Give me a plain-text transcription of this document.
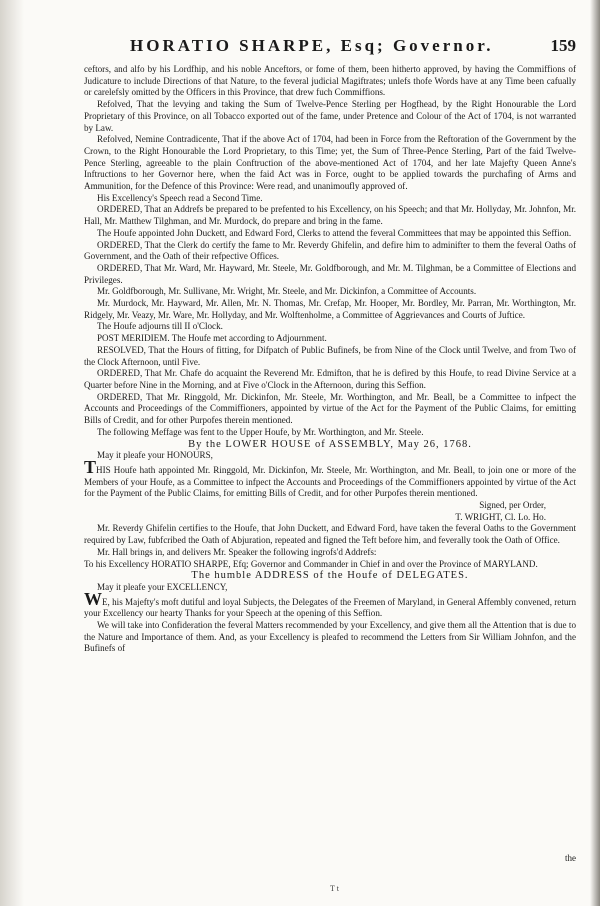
HORATIO SHARPE, Esq; Governor.	159

ceftors, and alfo by his Lordfhip, and his noble Anceftors, or fome of them, been hitherto approved, by having the Commiffions of Judicature to include Directions of that Nature, to the feveral judicial Magiftrates; unlefs thofe Words have at any Time been cafually or carelefsly omitted by the Officers in this Province, that drew fuch Commiffions.

Refolved, That the levying and taking the Sum of Twelve-Pence Sterling per Hogfhead, by the Right Honourable the Lord Proprietary of this Province, on all Tobacco exported out of the fame, under Pretence and Colour of the Act of 1704, is not warranted by Law.

Refolved, Nemine Contradicente, That if the above Act of 1704, had been in Force from the Reftoration of the Government by the Crown, to the Right Honourable the Lord Proprietary, to this Time; yet, the Sum of Three-Pence Sterling, Part of the faid Twelve-Pence Sterling, agreeable to the plain Conftruction of the above-mentioned Act of 1704, and her late Majefty Queen Anne's Inftructions to her Governor here, when the faid Act was in Force, ought to be applied towards the purchafing of Arms and Ammunition, for the Defence of this Province: Were read, and unanimoufly approved of.

His Excellency's Speech read a Second Time.

ORDERED, That an Addrefs be prepared to be prefented to his Excellency, on his Speech; and that Mr. Hollyday, Mr. Johnfon, Mr. Hall, Mr. Matthew Tilghman, and Mr. Murdock, do prepare and bring in the fame.

The Houfe appointed John Duckett, and Edward Ford, Clerks to attend the feveral Committees that may be appointed this Seffion.

ORDERED, That the Clerk do certify the fame to Mr. Reverdy Ghifelin, and defire him to adminifter to them the feveral Oaths of Government, and the Oath of their refpective Offices.

ORDERED, That Mr. Ward, Mr. Hayward, Mr. Steele, Mr. Goldfborough, and Mr. M. Tilghman, be a Committee of Elections and Privileges.

Mr. Goldfborough, Mr. Sullivane, Mr. Wright, Mr. Steele, and Mr. Dickinfon, a Committee of Accounts.

Mr. Murdock, Mr. Hayward, Mr. Allen, Mr. N. Thomas, Mr. Crefap, Mr. Hooper, Mr. Bordley, Mr. Parran, Mr. Worthington, Mr. Ridgely, Mr. Veazy, Mr. Ware, Mr. Hollyday, and Mr. Wolftenholme, a Committee of Aggrievances and Courts of Juftice.

The Houfe adjourns till II o'Clock.

POST MERIDIEM. The Houfe met according to Adjournment.

RESOLVED, That the Hours of fitting, for Difpatch of Public Bufinefs, be from Nine of the Clock until Twelve, and from Two of the Clock Afternoon, until Five.

ORDERED, That Mr. Chafe do acquaint the Reverend Mr. Edmifton, that he is defired by this Houfe, to read Divine Service at a Quarter before Nine in the Morning, and at Five o'Clock in the Afternoon, during this Seffion.

ORDERED, That Mr. Ringgold, Mr. Dickinfon, Mr. Steele, Mr. Worthington, and Mr. Beall, be a Committee to infpect the Accounts and Proceedings of the Commiffioners, appointed by virtue of the Act for the Payment of the Public Claims, for emitting Bills of Credit, and for other Purpofes therein mentioned.

The following Meffage was fent to the Upper Houfe, by Mr. Worthington, and Mr. Steele.

By the LOWER HOUSE of ASSEMBLY, May 26, 1768.

May it pleafe your HONOURS,

THIS Houfe hath appointed Mr. Ringgold, Mr. Dickinfon, Mr. Steele, Mr. Worthington, and Mr. Beall, to join one or more of the Members of your Houfe, as a Committee to infpect the Accounts and Proceedings of the Commiffioners appointed by virtue of the Act for the Payment of the Public Claims, for emitting Bills of Credit, and for other Purpofes therein mentioned.

Signed, per Order,

T. WRIGHT, Cl. Lo. Ho.

Mr. Reverdy Ghifelin certifies to the Houfe, that John Duckett, and Edward Ford, have taken the feveral Oaths to the Government required by Law, fubfcribed the Oath of Abjuration, repeated and figned the Teft before him, and feverally took the Oath of Office.

Mr. Hall brings in, and delivers Mr. Speaker the following ingrofs'd Addrefs:

To his Excellency HORATIO SHARPE, Efq; Governor and Commander in Chief in and over the Province of MARYLAND.

The humble ADDRESS of the Houfe of DELEGATES.

May it pleafe your EXCELLENCY,

WE, his Majefty's moft dutiful and loyal Subjects, the Delegates of the Freemen of Maryland, in General Affembly convened, return your Excellency our hearty Thanks for your Speech at the opening of this Seffion.

We will take into Confideration the feveral Matters recommended by your Excellency, and give them all the Attention that is due to the Nature and Importance of them. And, as your Excellency is pleafed to recommend the Letters from Sir William Johnfon, and the Bufinefs of

the
T t
